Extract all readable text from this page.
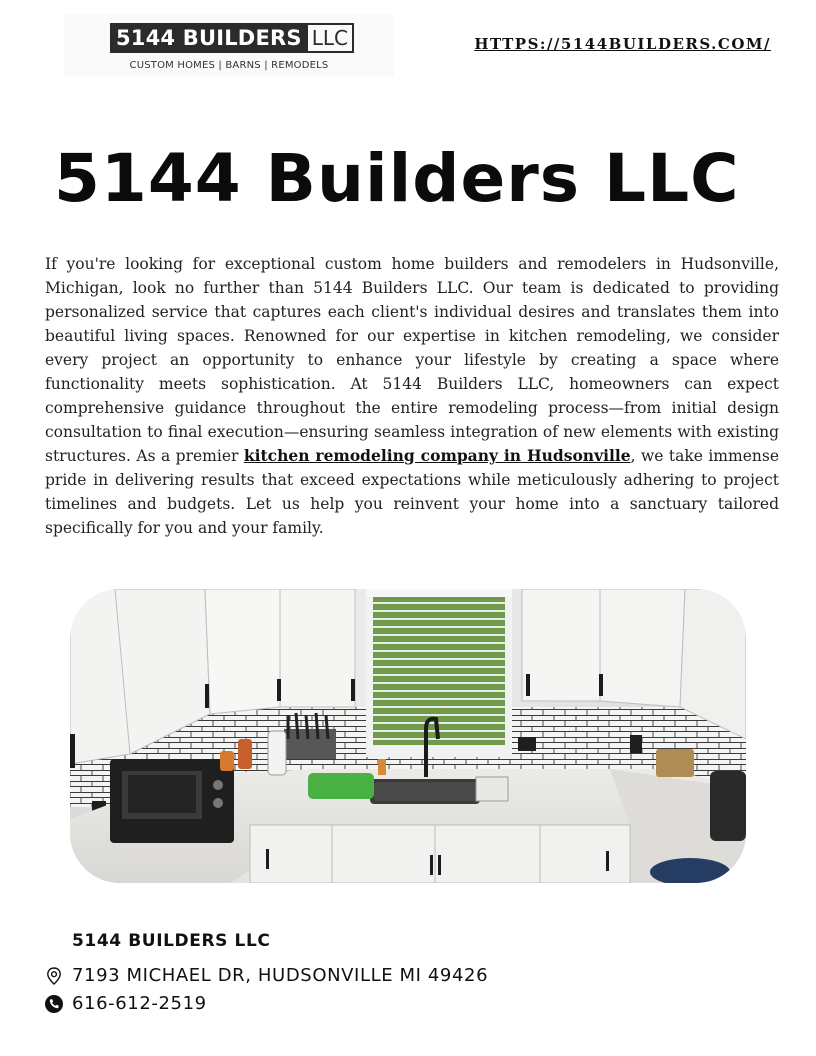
5144 BUILDERS LLC
CUSTOM HOMES | BARNS | REMODELS
HTTPS://5144BUILDERS.COM/
5144 Builders LLC

If you're looking for exceptional custom home builders and remodelers in Hudsonville, Michigan, look no further than 5144 Builders LLC. Our team is dedicated to providing personalized service that captures each client's individual desires and translates them into beautiful living spaces. Renowned for our expertise in kitchen remodeling, we consider every project an opportunity to enhance your lifestyle by creating a space where functionality meets sophistication. At 5144 Builders LLC, homeowners can expect comprehensive guidance throughout the entire remodeling process—from initial design consultation to final execution—ensuring seamless integration of new elements with existing structures. As a premier kitchen remodeling company in Hudsonville, we take immense pride in delivering results that exceed expectations while meticulously adhering to project timelines and budgets. Let us help you reinvent your home into a sanctuary tailored specifically for you and your family.

5144 BUILDERS LLC
7193 MICHAEL DR, HUDSONVILLE MI 49426
616-612-2519
